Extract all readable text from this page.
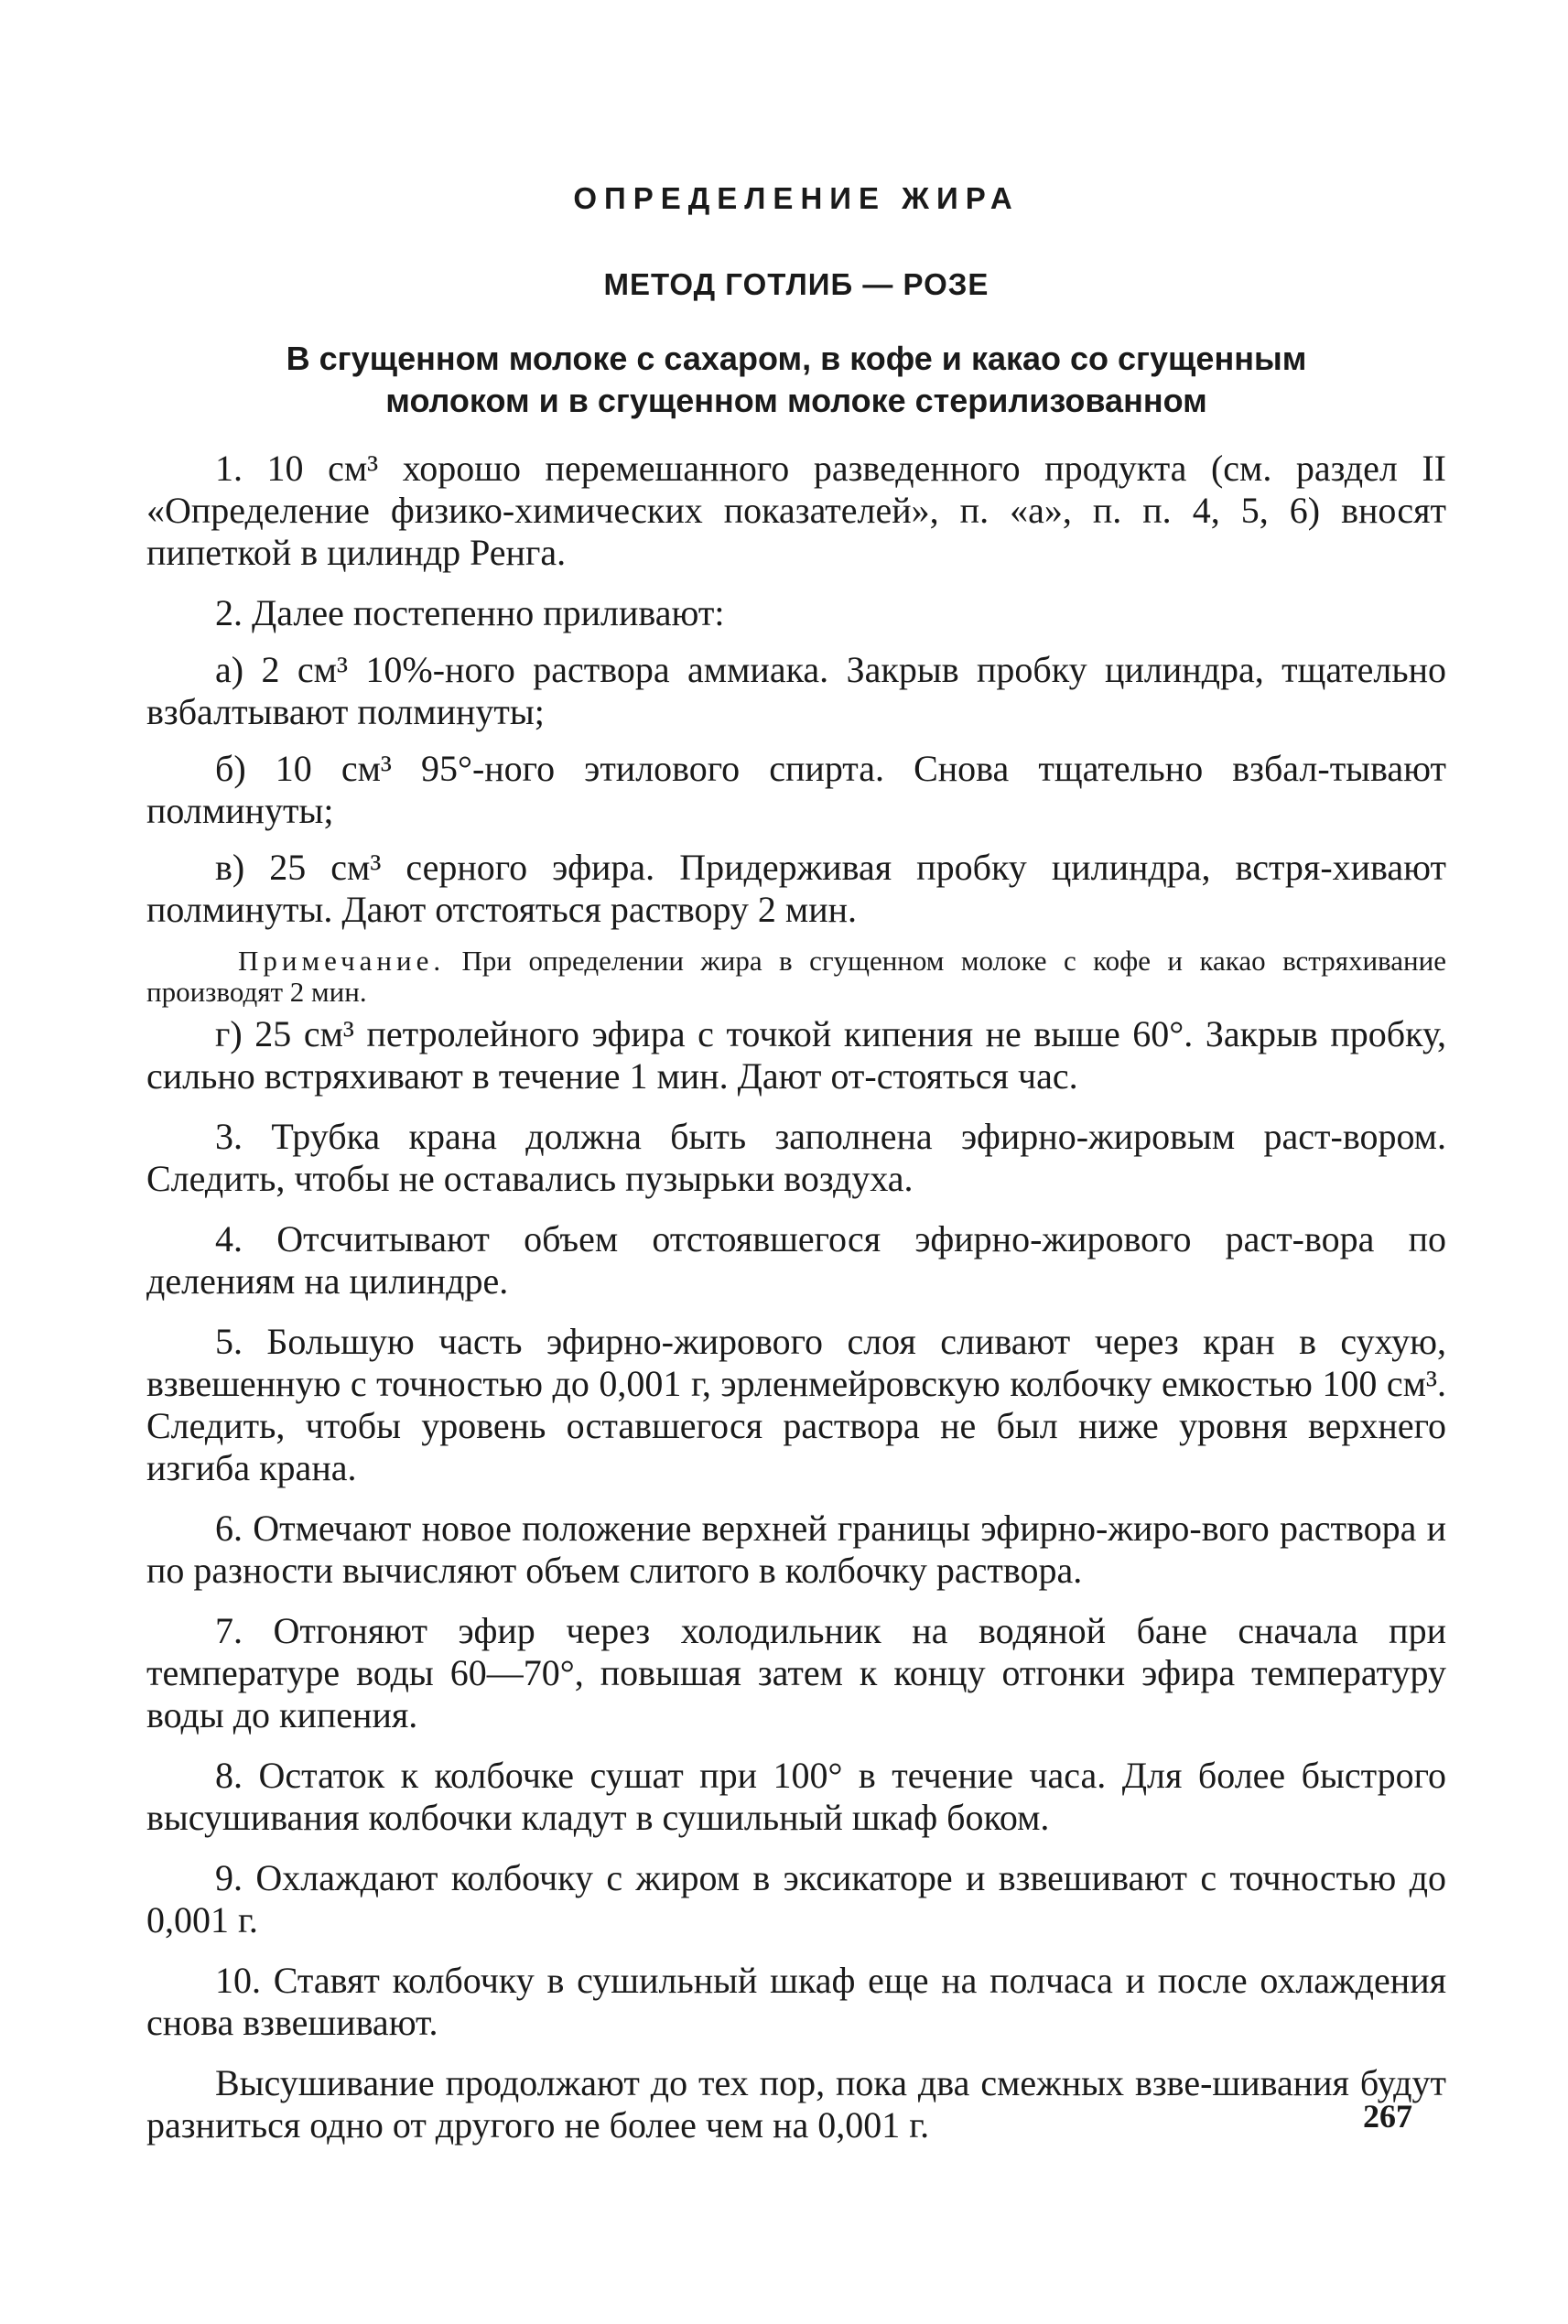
ОПРЕДЕЛЕНИЕ ЖИРА
МЕТОД ГОТЛИБ — РОЗЕ
В сгущенном молоке с сахаром, в кофе и какао со сгущенным
молоком и в сгущенном молоке стерилизованном

1. 10 см³ хорошо перемешанного разведенного продукта (см. раздел II «Определение физико-химических показателей», п. «а», п. п. 4, 5, 6) вносят пипеткой в цилиндр Ренга.

2. Далее постепенно приливают:

а) 2 см³ 10%-ного раствора аммиака. Закрыв пробку цилиндра, тщательно взбалтывают полминуты;

б) 10 см³ 95°-ного этилового спирта. Снова тщательно взбал-тывают полминуты;

в) 25 см³ серного эфира. Придерживая пробку цилиндра, встря-хивают полминуты. Дают отстояться раствору 2 мин.

Примечание. При определении жира в сгущенном молоке с кофе и какао встряхивание производят 2 мин.

г) 25 см³ петролейного эфира с точкой кипения не выше 60°. Закрыв пробку, сильно встряхивают в течение 1 мин. Дают от-стояться час.

3. Трубка крана должна быть заполнена эфирно-жировым раст-вором. Следить, чтобы не оставались пузырьки воздуха.

4. Отсчитывают объем отстоявшегося эфирно-жирового раст-вора по делениям на цилиндре.

5. Большую часть эфирно-жирового слоя сливают через кран в сухую, взвешенную с точностью до 0,001 г, эрленмейровскую колбочку емкостью 100 см³. Следить, чтобы уровень оставшегося раствора не был ниже уровня верхнего изгиба крана.

6. Отмечают новое положение верхней границы эфирно-жиро-вого раствора и по разности вычисляют объем слитого в колбочку раствора.

7. Отгоняют эфир через холодильник на водяной бане сначала при температуре воды 60—70°, повышая затем к концу отгонки эфира температуру воды до кипения.

8. Остаток к колбочке сушат при 100° в течение часа. Для более быстрого высушивания колбочки кладут в сушильный шкаф боком.

9. Охлаждают колбочку с жиром в эксикаторе и взвешивают с точностью до 0,001 г.

10. Ставят колбочку в сушильный шкаф еще на полчаса и после охлаждения снова взвешивают.

Высушивание продолжают до тех пор, пока два смежных взве-шивания будут разниться одно от другого не более чем на 0,001 г.	267
